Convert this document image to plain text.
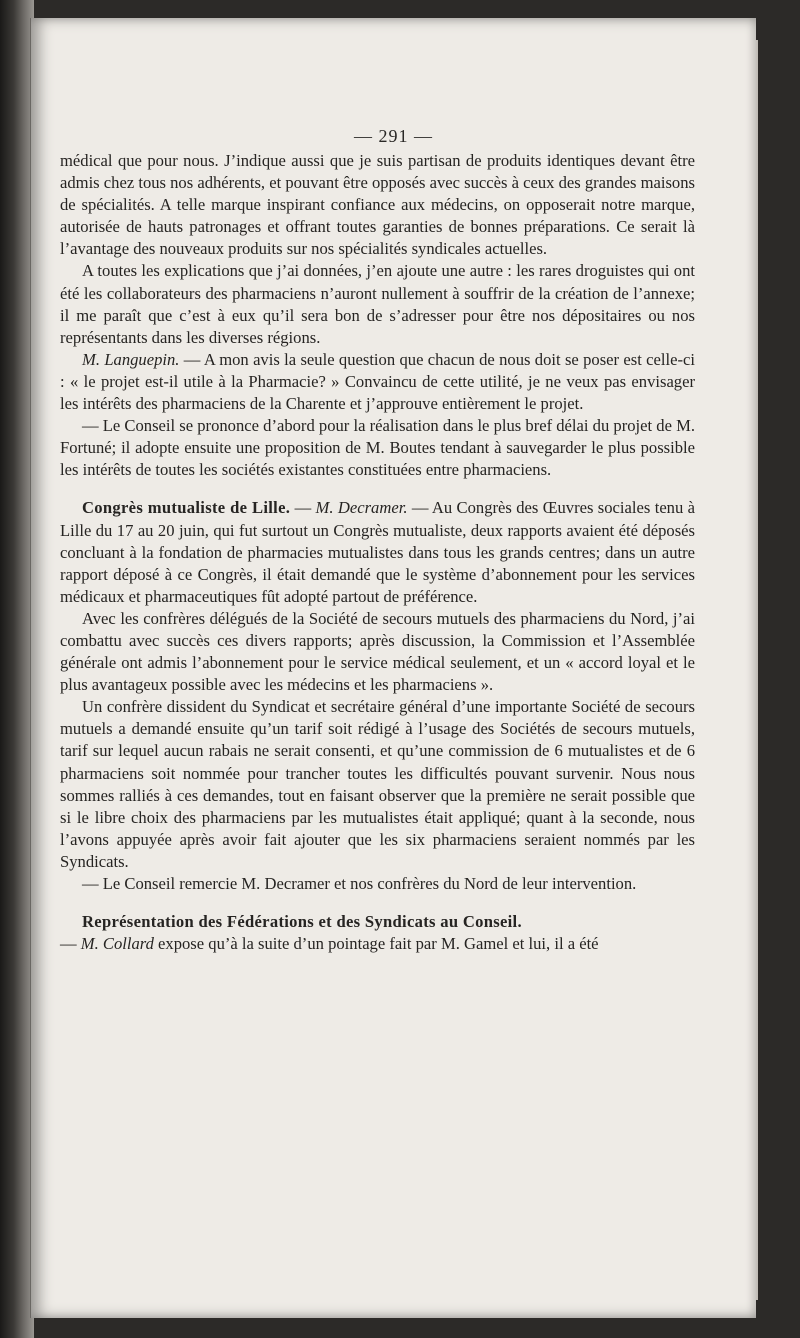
— 291 —

médical que pour nous. J’indique aussi que je suis partisan de produits identiques devant être admis chez tous nos adhérents, et pouvant être opposés avec succès à ceux des grandes maisons de spécialités. A telle marque inspirant confiance aux médecins, on opposerait notre marque, autorisée de hauts patronages et offrant toutes garanties de bonnes préparations. Ce serait là l’avantage des nouveaux produits sur nos spécialités syndicales actuelles.

A toutes les explications que j’ai données, j’en ajoute une autre : les rares droguistes qui ont été les collaborateurs des pharmaciens n’auront nullement à souffrir de la création de l’annexe; il me paraît que c’est à eux qu’il sera bon de s’adresser pour être nos dépositaires ou nos représentants dans les diverses régions.

M. Languepin. — A mon avis la seule question que chacun de nous doit se poser est celle-ci : « le projet est-il utile à la Pharmacie? » Convaincu de cette utilité, je ne veux pas envisager les intérêts des pharmaciens de la Charente et j’approuve entièrement le projet.

— Le Conseil se prononce d’abord pour la réalisation dans le plus bref délai du projet de M. Fortuné; il adopte ensuite une proposition de M. Boutes tendant à sauvegarder le plus possible les intérêts de toutes les sociétés existantes constituées entre pharmaciens.

Congrès mutualiste de Lille. — M. Decramer. — Au Congrès des Œuvres sociales tenu à Lille du 17 au 20 juin, qui fut surtout un Congrès mutualiste, deux rapports avaient été déposés concluant à la fondation de pharmacies mutualistes dans tous les grands centres; dans un autre rapport déposé à ce Congrès, il était demandé que le système d’abonnement pour les services médicaux et pharmaceutiques fût adopté partout de préférence.

Avec les confrères délégués de la Société de secours mutuels des pharmaciens du Nord, j’ai combattu avec succès ces divers rapports; après discussion, la Commission et l’Assemblée générale ont admis l’abonnement pour le service médical seulement, et un « accord loyal et le plus avantageux possible avec les médecins et les pharmaciens ».

Un confrère dissident du Syndicat et secrétaire général d’une importante Société de secours mutuels a demandé ensuite qu’un tarif soit rédigé à l’usage des Sociétés de secours mutuels, tarif sur lequel aucun rabais ne serait consenti, et qu’une commission de 6 mutualistes et de 6 pharmaciens soit nommée pour trancher toutes les difficultés pouvant survenir. Nous nous sommes ralliés à ces demandes, tout en faisant observer que la première ne serait possible que si le libre choix des pharmaciens par les mutualistes était appliqué; quant à la seconde, nous l’avons appuyée après avoir fait ajouter que les six pharmaciens seraient nommés par les Syndicats.

— Le Conseil remercie M. Decramer et nos confrères du Nord de leur intervention.

Représentation des Fédérations et des Syndicats au Conseil.
— M. Collard expose qu’à la suite d’un pointage fait par M. Gamel et lui, il a été
